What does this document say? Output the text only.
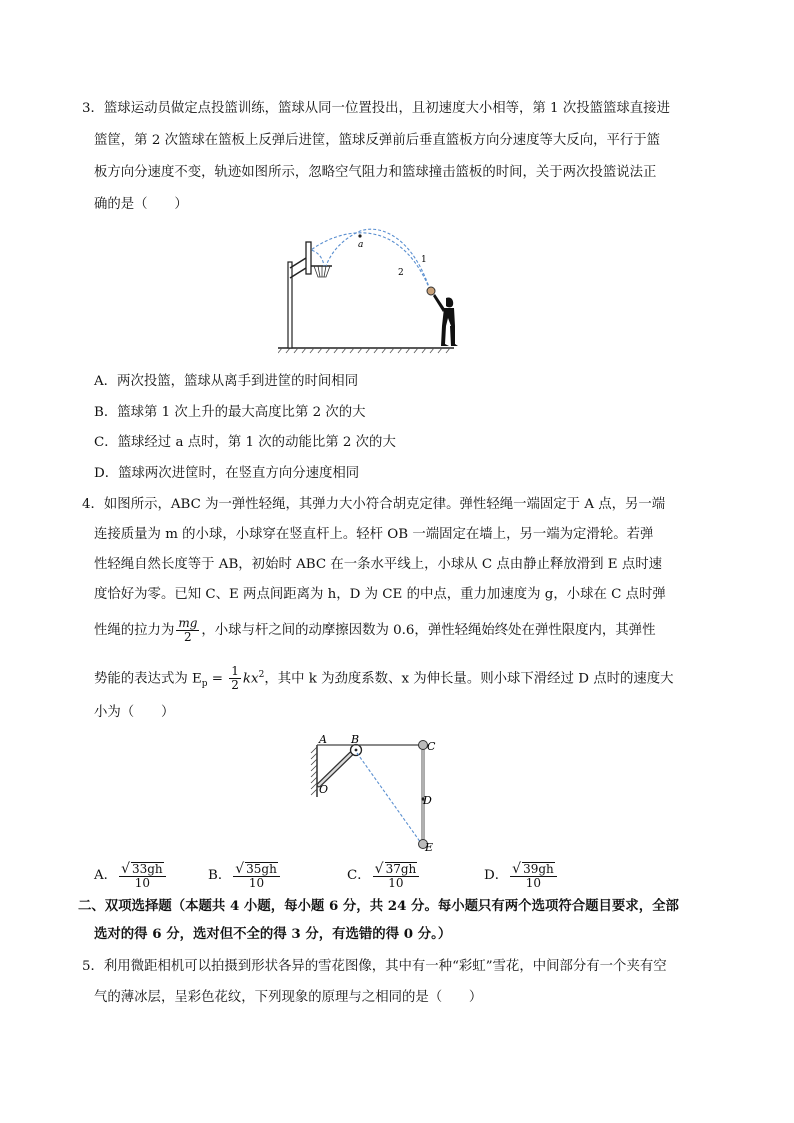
3．篮球运动员做定点投篮训练，篮球从同一位置投出，且初速度大小相等，第 1 次投篮篮球直接进
篮筐，第 2 次篮球在篮板上反弹后进筐，篮球反弹前后垂直篮板方向分速度等大反向，平行于篮
板方向分速度不变，轨迹如图所示，忽略空气阻力和篮球撞击篮板的时间，关于两次投篮说法正
确的是（　　）
a
1
2
A．两次投篮，篮球从离手到进筐的时间相同
B．篮球第 1 次上升的最大高度比第 2 次的大
C．篮球经过 a 点时，第 1 次的动能比第 2 次的大
D．篮球两次进筐时，在竖直方向分速度相同
4．如图所示，ABC 为一弹性轻绳，其弹力大小符合胡克定律。弹性轻绳一端固定于 A 点，另一端
连接质量为 m 的小球，小球穿在竖直杆上。轻杆 OB 一端固定在墙上，另一端为定滑轮。若弹
性轻绳自然长度等于 AB，初始时 ABC 在一条水平线上，小球从 C 点由静止释放滑到 E 点时速
度恰好为零。已知 C、E 两点间距离为 h，D 为 CE 的中点，重力加速度为 g，小球在 C 点时弹
性绳的拉力为 $\frac{mg}{2}$ ，小球与杆之间的动摩擦因数为 0.6，弹性轻绳始终处在弹性限度内，其弹性
势能的表达式为 $E_p = \frac{1}{2} kx^2$，其中 k 为劲度系数、x 为伸长量。则小球下滑经过 D 点时的速度大
小为（　　）
A B
C
D
E
O
A． $\frac{√ 33gh}{10}$	B． $\frac{√ 35gh}{10}$	C． $\frac{√ 37gh}{10}$	D． $\frac{√ 39gh}{10}$
二、双项选择题（本题共 4 小题，每小题 6 分，共 24 分。每小题只有两个选项符合题目要求，全部
选对的得 6 分，选对但不全的得 3 分，有选错的得 0 分。）
5．利用微距相机可以拍摄到形状各异的雪花图像，其中有一种“彩虹”雪花，中间部分有一个夹有空
气的薄冰层，呈彩色花纹，下列现象的原理与之相同的是（　　）
